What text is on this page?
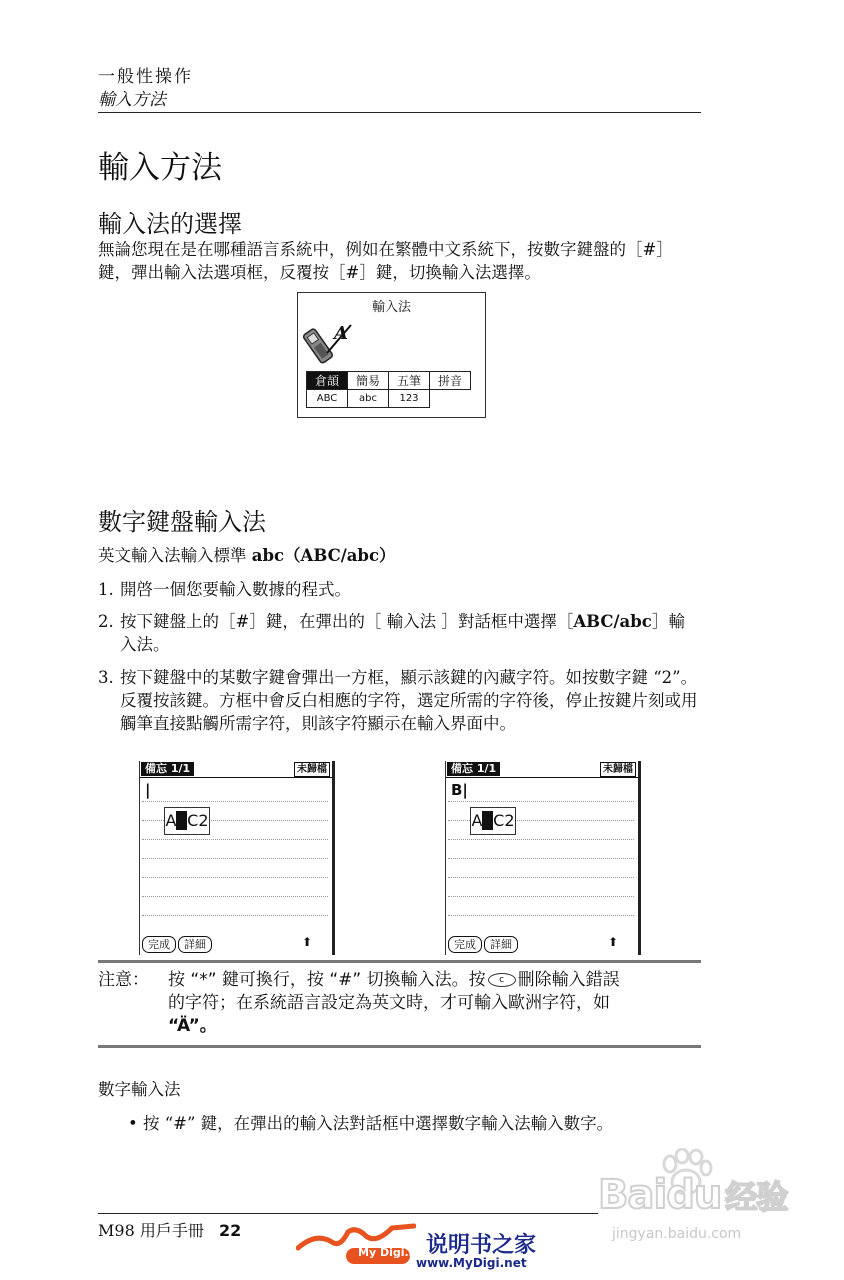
一般性操作
輸入方法
輸入方法
輸入法的選擇
無論您現在是在哪種語言系統中，例如在繁體中文系統下，按數字鍵盤的［#］鍵，彈出輸入法選項框，反覆按［#］鍵，切換輸入法選擇。
輸入法
A
倉頡	簡易	五筆	拼音
ABC	abc	123	
數字鍵盤輸入法
英文輸入法輸入標準 abc（ABC/abc）
1. 開啓一個您要輸入數據的程式。
2. 按下鍵盤上的［#］鍵，在彈出的［ 輸入法 ］對話框中選擇［ABC/abc］輸入法。
3. 按下鍵盤中的某數字鍵會彈出一方框，顯示該鍵的內藏字符。如按數字鍵 “2”。反覆按該鍵。方框中會反白相應的字符，選定所需的字符後，停止按鍵片刻或用觸筆直接點觸所需字符，則該字符顯示在輸入界面中。
備忘 1/1	未歸檔
|
ABC2
完成 詳細	⬆
備忘 1/1	未歸檔
B|
ABC2
完成 詳細	⬆
注意： 按 “*” 鍵可換行，按 “#” 切換輸入法。按 c 刪除輸入錯誤
的字符；在系統語言設定為英文時，才可輸入歐洲字符，如
“Ä”。
數字輸入法
• 按 “#” 鍵，在彈出的輸入法對話框中選擇數字輸入法輸入數字。
Baidu 经验
jingyan.baidu.com
M98 用戶手冊 22
My Digi.net
说明书之家
www.MyDigi.net
